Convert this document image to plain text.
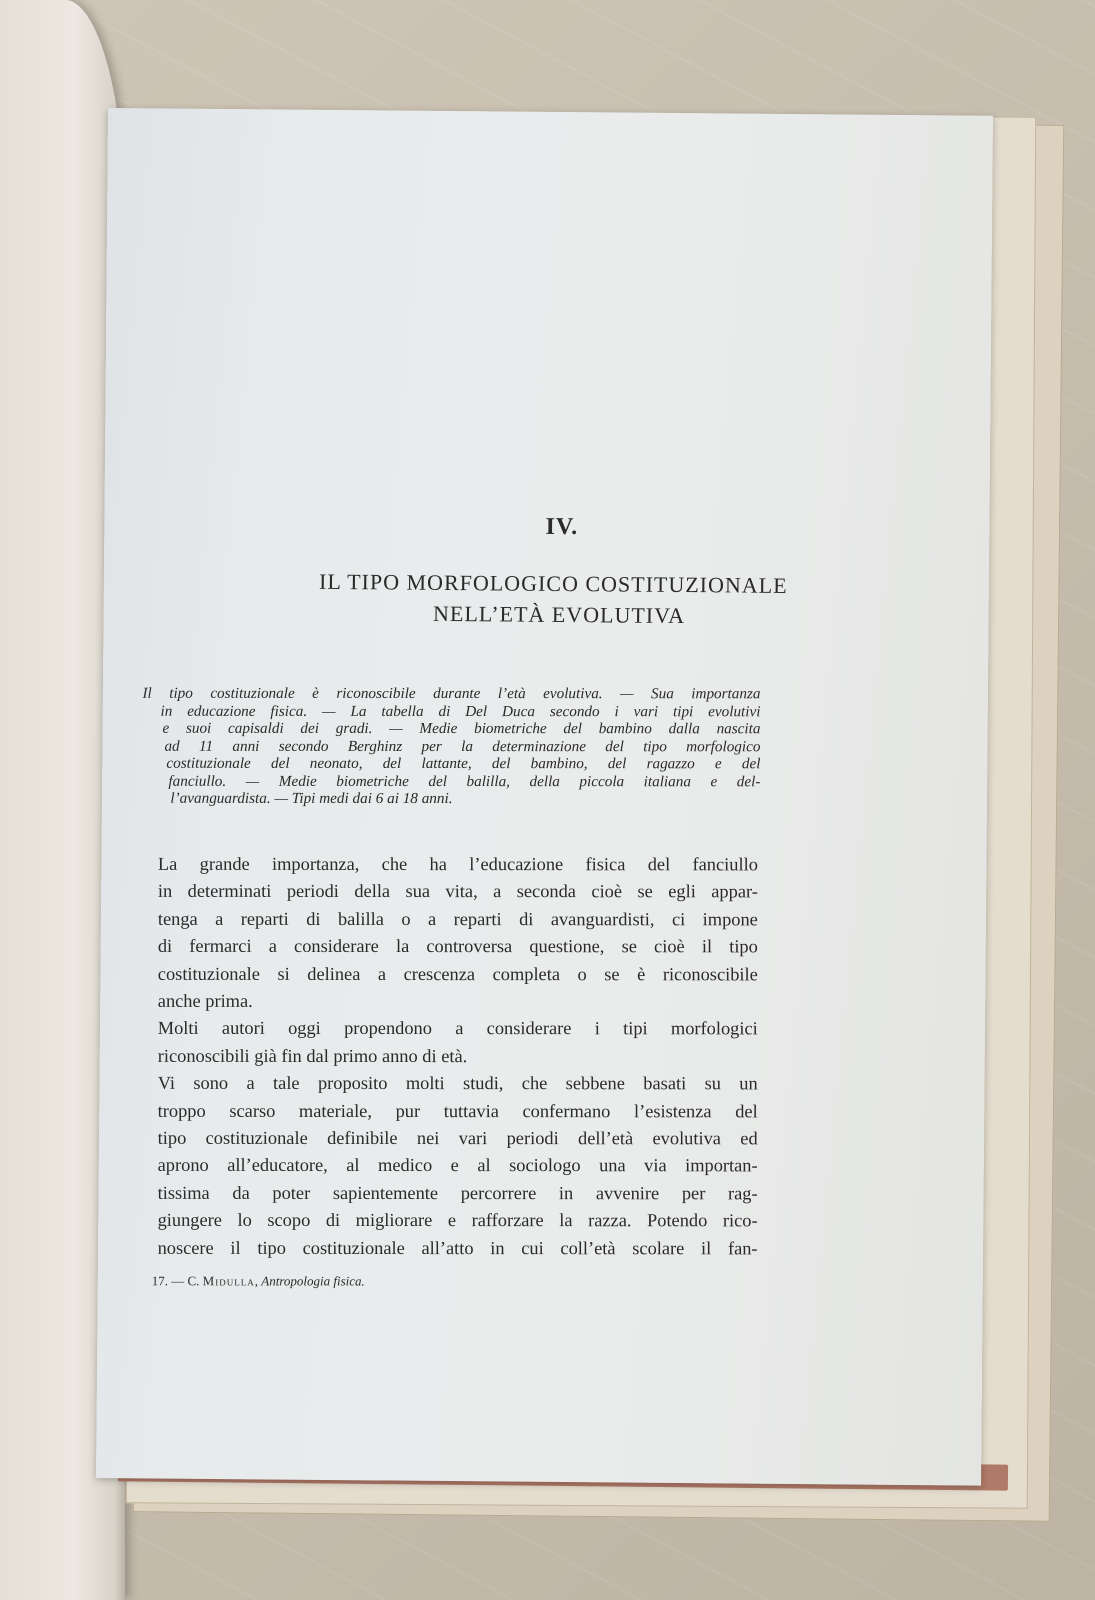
IV.
IL TIPO MORFOLOGICO COSTITUZIONALE
NELL’ETÀ EVOLUTIVA
Il tipo costituzionale è riconoscibile durante l’età evolutiva. — Sua importanza
in educazione fisica. — La tabella di Del Duca secondo i vari tipi evolutivi
e suoi capisaldi dei gradi. — Medie biometriche del bambino dalla nascita
ad 11 anni secondo Berghinz per la determinazione del tipo morfologico
costituzionale del neonato, del lattante, del bambino, del ragazzo e del
fanciullo. — Medie biometriche del balilla, della piccola italiana e del-
l’avanguardista. — Tipi medi dai 6 ai 18 anni.
La grande importanza, che ha l’educazione fisica del fanciullo
in determinati periodi della sua vita, a seconda cioè se egli appar-
tenga a reparti di balilla o a reparti di avanguardisti, ci impone
di fermarci a considerare la controversa questione, se cioè il tipo
costituzionale si delinea a crescenza completa o se è riconoscibile
anche prima.
Molti autori oggi propendono a considerare i tipi morfologici
riconoscibili già fin dal primo anno di età.
Vi sono a tale proposito molti studi, che sebbene basati su un
troppo scarso materiale, pur tuttavia confermano l’esistenza del
tipo costituzionale definibile nei vari periodi dell’età evolutiva ed
aprono all’educatore, al medico e al sociologo una via importan-
tissima da poter sapientemente percorrere in avvenire per rag-
giungere lo scopo di migliorare e rafforzare la razza. Potendo rico-
noscere il tipo costituzionale all’atto in cui coll’età scolare il fan-
17. — C. Midulla, Antropologia fisica.
